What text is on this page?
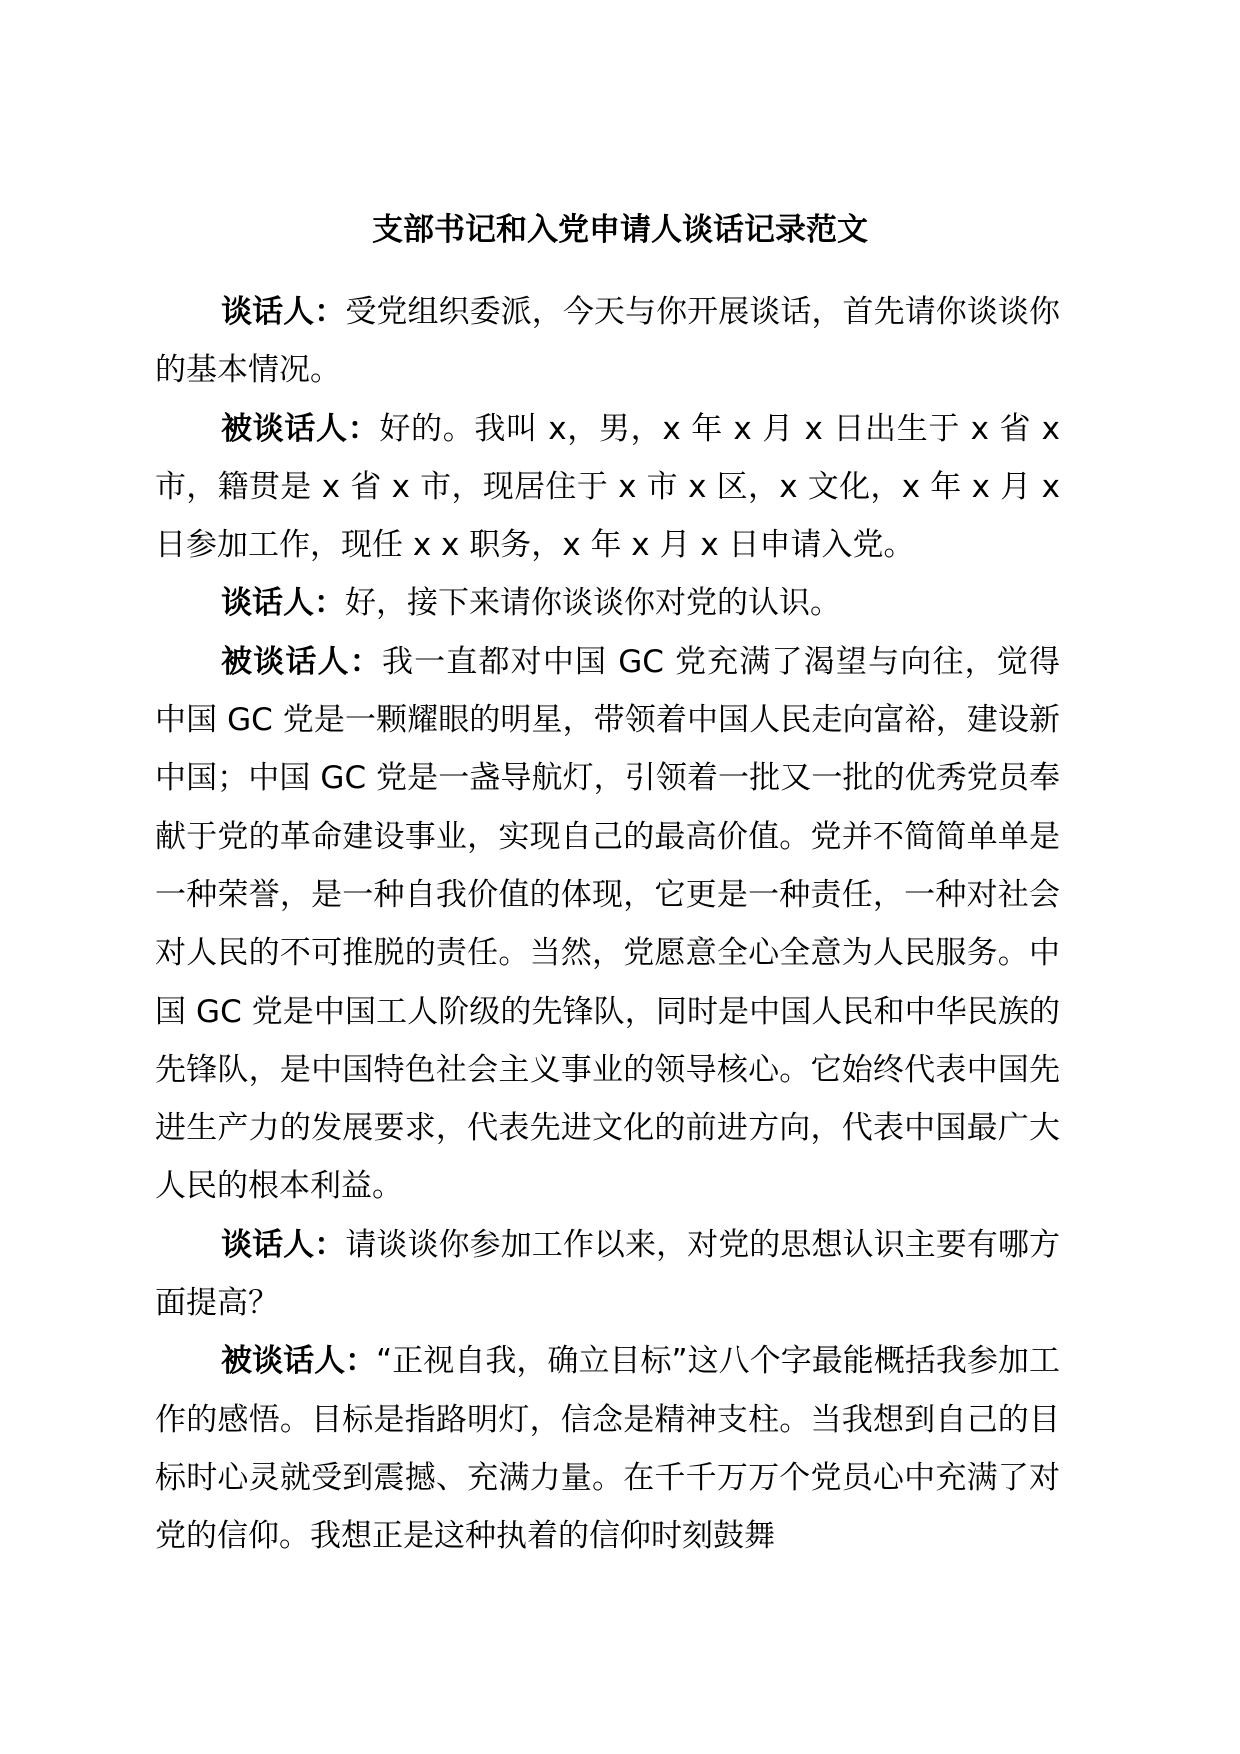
支部书记和入党申请人谈话记录范文

谈话人：受党组织委派，今天与你开展谈话，首先请你谈谈你的基本情况。

被谈话人：好的。我叫 x，男，x 年 x 月 x 日出生于 x 省 x 市，籍贯是 x 省 x 市，现居住于 x 市 x 区，x 文化，x 年 x 月 x 日参加工作，现任 x x 职务，x 年 x 月 x 日申请入党。

谈话人：好，接下来请你谈谈你对党的认识。

被谈话人：我一直都对中国 GC 党充满了渴望与向往，觉得中国 GC 党是一颗耀眼的明星，带领着中国人民走向富裕，建设新中国；中国 GC 党是一盏导航灯，引领着一批又一批的优秀党员奉献于党的革命建设事业，实现自己的最高价值。党并不简简单单是一种荣誉，是一种自我价值的体现，它更是一种责任，一种对社会对人民的不可推脱的责任。当然，党愿意全心全意为人民服务。中国 GC 党是中国工人阶级的先锋队，同时是中国人民和中华民族的先锋队，是中国特色社会主义事业的领导核心。它始终代表中国先进生产力的发展要求，代表先进文化的前进方向，代表中国最广大人民的根本利益。

谈话人：请谈谈你参加工作以来，对党的思想认识主要有哪方面提高？

被谈话人：“正视自我，确立目标”这八个字最能概括我参加工作的感悟。目标是指路明灯，信念是精神支柱。当我想到自己的目标时心灵就受到震撼、充满力量。在千千万万个党员心中充满了对党的信仰。我想正是这种执着的信仰时刻鼓舞
